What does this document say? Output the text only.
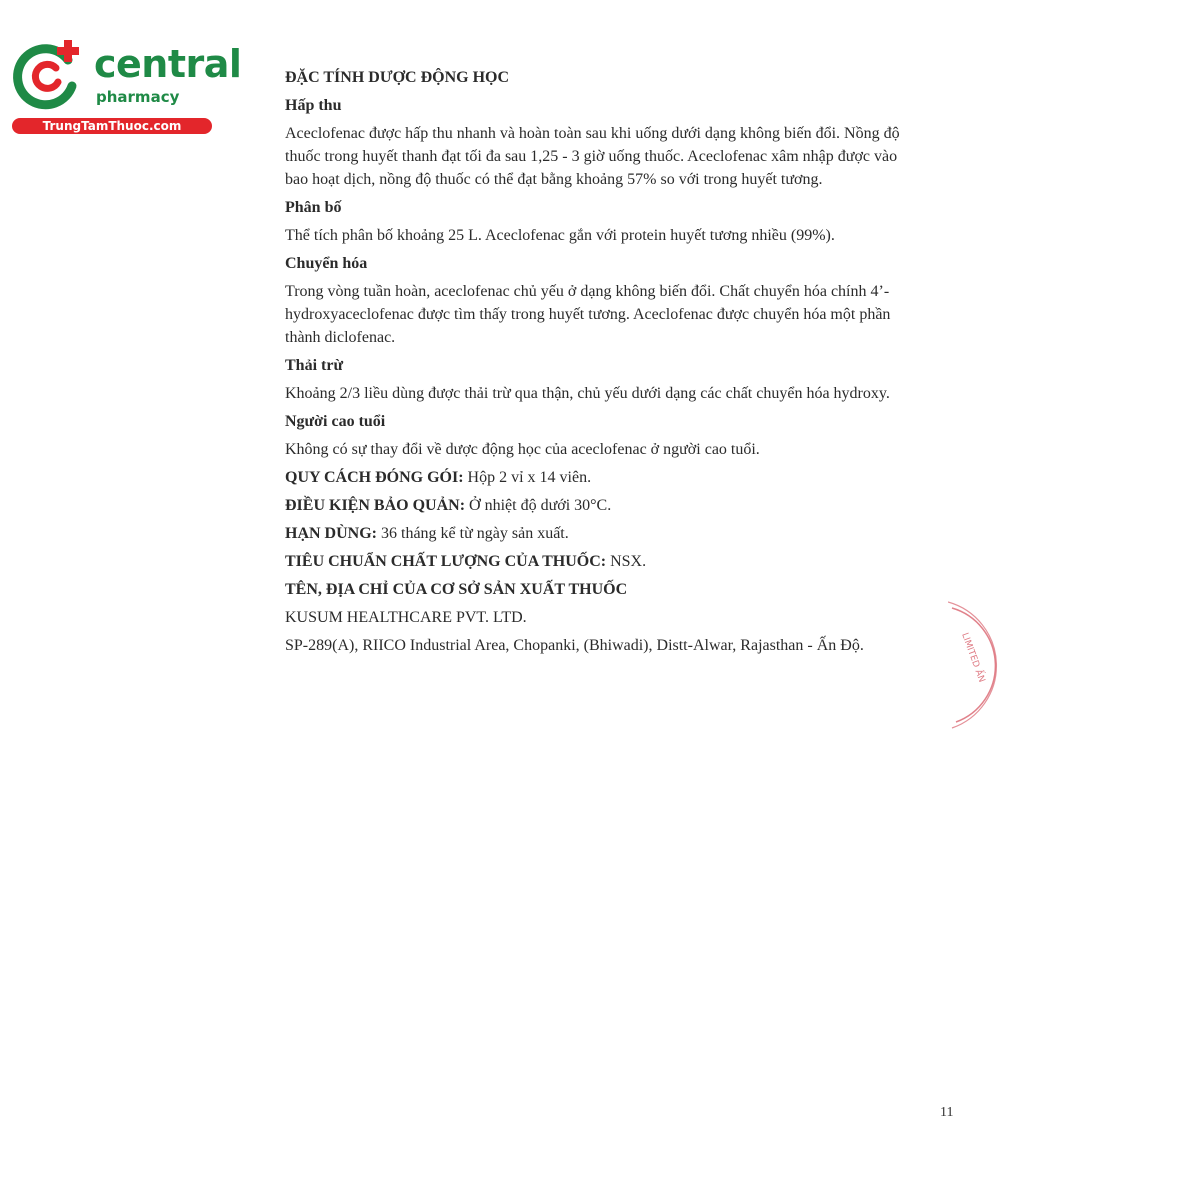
central
pharmacy
TrungTamThuoc.com

ĐẶC TÍNH DƯỢC ĐỘNG HỌC

Hấp thu

Aceclofenac được hấp thu nhanh và hoàn toàn sau khi uống dưới dạng không biến đổi. Nồng độ

thuốc trong huyết thanh đạt tối đa sau 1,25 - 3 giờ uống thuốc. Aceclofenac xâm nhập được vào

bao hoạt dịch, nồng độ thuốc có thể đạt bằng khoảng 57% so với trong huyết tương.

Phân bố

Thể tích phân bố khoảng 25 L. Aceclofenac gắn với protein huyết tương nhiều (99%).

Chuyển hóa

Trong vòng tuần hoàn, aceclofenac chủ yếu ở dạng không biến đổi. Chất chuyển hóa chính 4’-

hydroxyaceclofenac được tìm thấy trong huyết tương. Aceclofenac được chuyển hóa một phần

thành diclofenac.

Thải trừ

Khoảng 2/3 liều dùng được thải trừ qua thận, chủ yếu dưới dạng các chất chuyển hóa hydroxy.

Người cao tuổi

Không có sự thay đổi về dược động học của aceclofenac ở người cao tuổi.

QUY CÁCH ĐÓNG GÓI: Hộp 2 vỉ x 14 viên.

ĐIỀU KIỆN BẢO QUẢN: Ở nhiệt độ dưới 30°C.

HẠN DÙNG: 36 tháng kể từ ngày sản xuất.

TIÊU CHUẨN CHẤT LƯỢNG CỦA THUỐC: NSX.

TÊN, ĐỊA CHỈ CỦA CƠ SỞ SẢN XUẤT THUỐC

KUSUM HEALTHCARE PVT. LTD.

SP-289(A), RIICO Industrial Area, Chopanki, (Bhiwadi), Distt-Alwar, Rajasthan - Ấn Độ.	LIMITED ẤN
11
